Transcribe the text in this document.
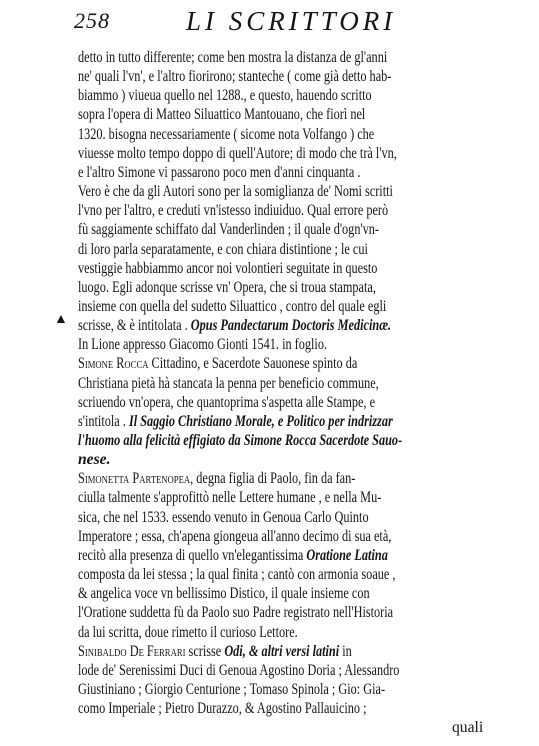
258	LI SCRITTORI
detto in tutto differente; come ben mostra la distanza de gl'anni
ne' quali l'vn', e l'altro fiorirono; stanteche ( come già detto hab-
biammo ) viueua quello nel 1288., e questo, hauendo scritto
sopra l'opera di Matteo Siluattico Mantouano, che fiorì nel
1320. bisogna necessariamente ( sicome nota Volfango ) che
viuesse molto tempo doppo di quell'Autore; di modo che trà l'vn,
e l'altro Simone vi passarono poco men d'anni cinquanta .
Vero è che da gli Autori sono per la somiglianza de' Nomi scritti
l'vno per l'altro, e creduti vn'istesso indiuiduo. Qual errore però
fù saggiamente schiffato dal Vanderlinden ; il quale d'ogn'vn-
di loro parla separatamente, e con chiara distintione ; le cui
vestiggie habbiammo ancor noi volontieri seguitate in questo
luogo. Egli adonque scrisse vn' Opera, che si troua stampata,
insieme con quella del sudetto Siluattico , contro del quale egli
scrisse, & è intitolata . Opus Pandectarum Doctoris Medicinæ.
In Lione appresso Giacomo Gionti 1541. in foglio.
Simone Rocca Cittadino, e Sacerdote Sauonese spinto da
Christiana pietà hà stancata la penna per beneficio commune,
scriuendo vn'opera, che quantoprima s'aspetta alle Stampe, e
s'intitola . Il Saggio Christiano Morale, e Politico per indrizzar
l'huomo alla felicità effigiato da Simone Rocca Sacerdote Sauo-
nese.
Simonetta Partenopea, degna figlia di Paolo, fin da fan-
ciulla talmente s'approfittò nelle Lettere humane , e nella Mu-
sica, che nel 1533. essendo venuto in Genoua Carlo Quinto
Imperatore ; essa, ch'apena giongeua all'anno decimo di sua età,
recitò alla presenza di quello vn'elegantissima Oratione Latina
composta da lei stessa ; la qual finita ; cantò con armonia soaue ,
& angelica voce vn bellissimo Distico, il quale insieme con
l'Oratione suddetta fù da Paolo suo Padre registrato nell'Historia
da lui scritta, doue rimetto il curioso Lettore.
Sinibaldo De Ferrari scrisse Odi, & altri versi latini in
lode de' Serenissimi Duci di Genoua Agostino Doria ; Alessandro
Giustiniano ; Giorgio Centurione ; Tomaso Spinola ; Gio: Gia-
como Imperiale ; Pietro Durazzo, & Agostino Pallauicino ;
▲
quali
